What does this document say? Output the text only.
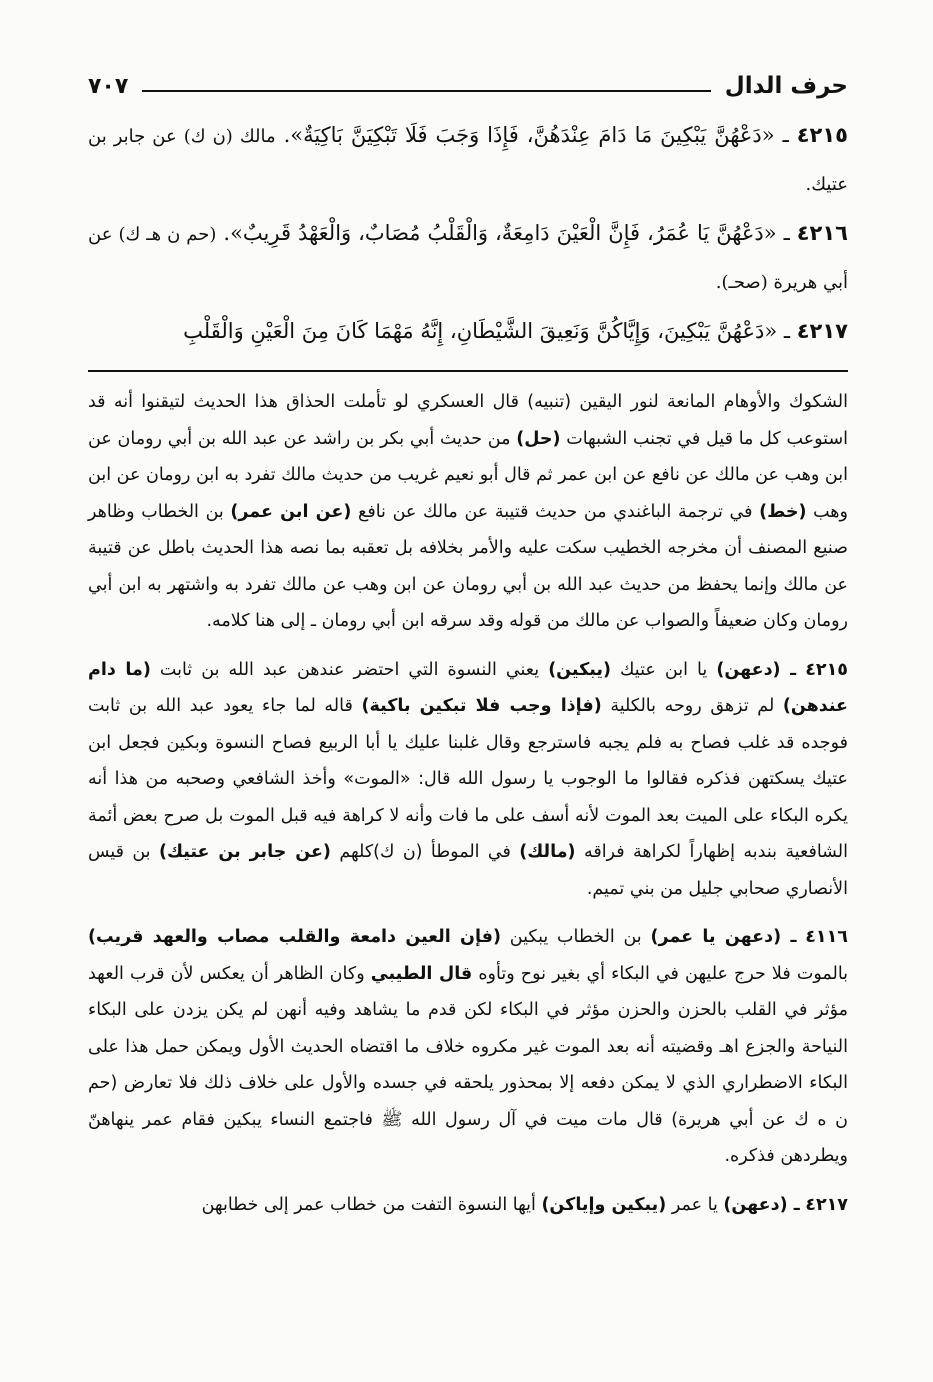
حرف الدال
٧٠٧
٤٢١٥ ـ «دَعْهُنَّ يَبْكِينَ مَا دَامَ عِنْدَهُنَّ، فَإِذَا وَجَبَ فَلَا تَبْكِيَنَّ بَاكِيَةٌ». مالك (ن ك) عن جابر بن عتيك.
٤٢١٦ ـ «دَعْهُنَّ يَا عُمَرُ، فَإِنَّ الْعَيْنَ دَامِعَةٌ، وَالْقَلْبُ مُصَابٌ، وَالْعَهْدُ قَرِيبٌ». (حم ن هـ ك) عن أبي هريرة (صحـ).
٤٢١٧ ـ «دَعْهُنَّ يَبْكِينَ، وَإِيَّاكُنَّ وَنَعِيقَ الشَّيْطَانِ، إِنَّهُ مَهْمَا كَانَ مِنَ الْعَيْنِ وَالْقَلْبِ

الشكوك والأوهام المانعة لنور اليقين (تنبيه) قال العسكري لو تأملت الحذاق هذا الحديث لتيقنوا أنه قد استوعب كل ما قيل في تجنب الشبهات (حل) من حديث أبي بكر بن راشد عن عبد الله بن أبي رومان عن ابن وهب عن مالك عن نافع عن ابن عمر ثم قال أبو نعيم غريب من حديث مالك تفرد به ابن رومان عن ابن وهب (خط) في ترجمة الباغندي من حديث قتيبة عن مالك عن نافع (عن ابن عمر) بن الخطاب وظاهر صنيع المصنف أن مخرجه الخطيب سكت عليه والأمر بخلافه بل تعقبه بما نصه هذا الحديث باطل عن قتيبة عن مالك وإنما يحفظ من حديث عبد الله بن أبي رومان عن ابن وهب عن مالك تفرد به واشتهر به ابن أبي رومان وكان ضعيفاً والصواب عن مالك من قوله وقد سرقه ابن أبي رومان ـ إلى هنا كلامه.

٤٢١٥ ـ (دعهن) يا ابن عتيك (يبكين) يعني النسوة التي احتضر عندهن عبد الله بن ثابت (ما دام عندهن) لم تزهق روحه بالكلية (فإذا وجب فلا تبكين باكية) قاله لما جاء يعود عبد الله بن ثابت فوجده قد غلب فصاح به فلم يجبه فاسترجع وقال غلبنا عليك يا أبا الربيع فصاح النسوة وبكين فجعل ابن عتيك يسكتهن فذكره فقالوا ما الوجوب يا رسول الله قال: «الموت» وأخذ الشافعي وصحبه من هذا أنه يكره البكاء على الميت بعد الموت لأنه أسف على ما فات وأنه لا كراهة فيه قبل الموت بل صرح بعض أئمة الشافعية بندبه إظهاراً لكراهة فراقه (مالك) في الموطأ (ن ك)كلهم (عن جابر بن عتيك) بن قيس الأنصاري صحابي جليل من بني تميم.

٤١١٦ ـ (دعهن يا عمر) بن الخطاب يبكين (فإن العين دامعة والقلب مصاب والعهد قريب) بالموت فلا حرج عليهن في البكاء أي بغير نوح وتأوه قال الطيبي وكان الظاهر أن يعكس لأن قرب العهد مؤثر في القلب بالحزن والحزن مؤثر في البكاء لكن قدم ما يشاهد وفيه أنهن لم يكن يزدن على البكاء النياحة والجزع اهـ وقضيته أنه بعد الموت غير مكروه خلاف ما اقتضاه الحديث الأول ويمكن حمل هذا على البكاء الاضطراري الذي لا يمكن دفعه إلا بمحذور يلحقه في جسده والأول على خلاف ذلك فلا تعارض (حم ن ه ك عن أبي هريرة) قال مات ميت في آل رسول الله ﷺ فاجتمع النساء يبكين فقام عمر ينهاهنّ ويطردهن فذكره.

٤٢١٧ ـ (دعهن) يا عمر (يبكين وإياكن) أيها النسوة التفت من خطاب عمر إلى خطابهن
